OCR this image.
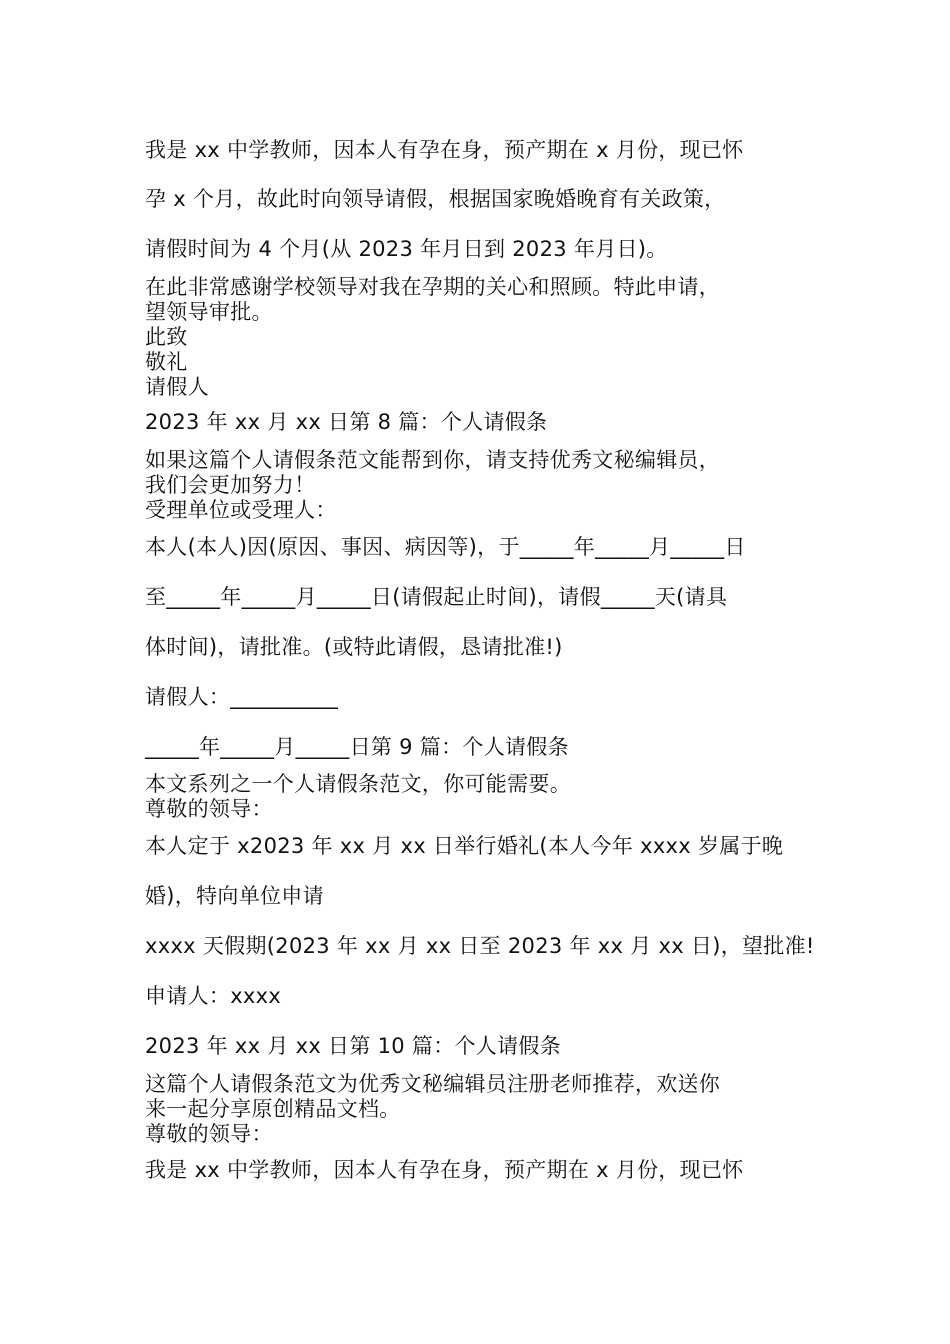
我是 xx 中学教师，因本人有孕在身，预产期在 x 月份，现已怀
孕 x 个月，故此时向领导请假，根据国家晚婚晚育有关政策，
请假时间为 4 个月(从 2023 年月日到 2023 年月日)。
在此非常感谢学校领导对我在孕期的关心和照顾。特此申请，
望领导审批。
此致
敬礼
请假人
2023 年 xx 月 xx 日第 8 篇：个人请假条
如果这篇个人请假条范文能帮到你，请支持优秀文秘编辑员，
我们会更加努力！
受理单位或受理人：
本人(本人)因(原因、事因、病因等)，于_____年_____月_____日
至_____年_____月_____日(请假起止时间)，请假_____天(请具
体时间)，请批准。(或特此请假，恳请批准!)
请假人：__________
_____年_____月_____日第 9 篇：个人请假条
本文系列之一个人请假条范文，你可能需要。
尊敬的领导：
本人定于 x2023 年 xx 月 xx 日举行婚礼(本人今年 xxxx 岁属于晚
婚)，特向单位申请
xxxx 天假期(2023 年 xx 月 xx 日至 2023 年 xx 月 xx 日)，望批准!
申请人：xxxx
2023 年 xx 月 xx 日第 10 篇：个人请假条
这篇个人请假条范文为优秀文秘编辑员注册老师推荐，欢送你
来一起分享原创精品文档。
尊敬的领导：
我是 xx 中学教师，因本人有孕在身，预产期在 x 月份，现已怀
